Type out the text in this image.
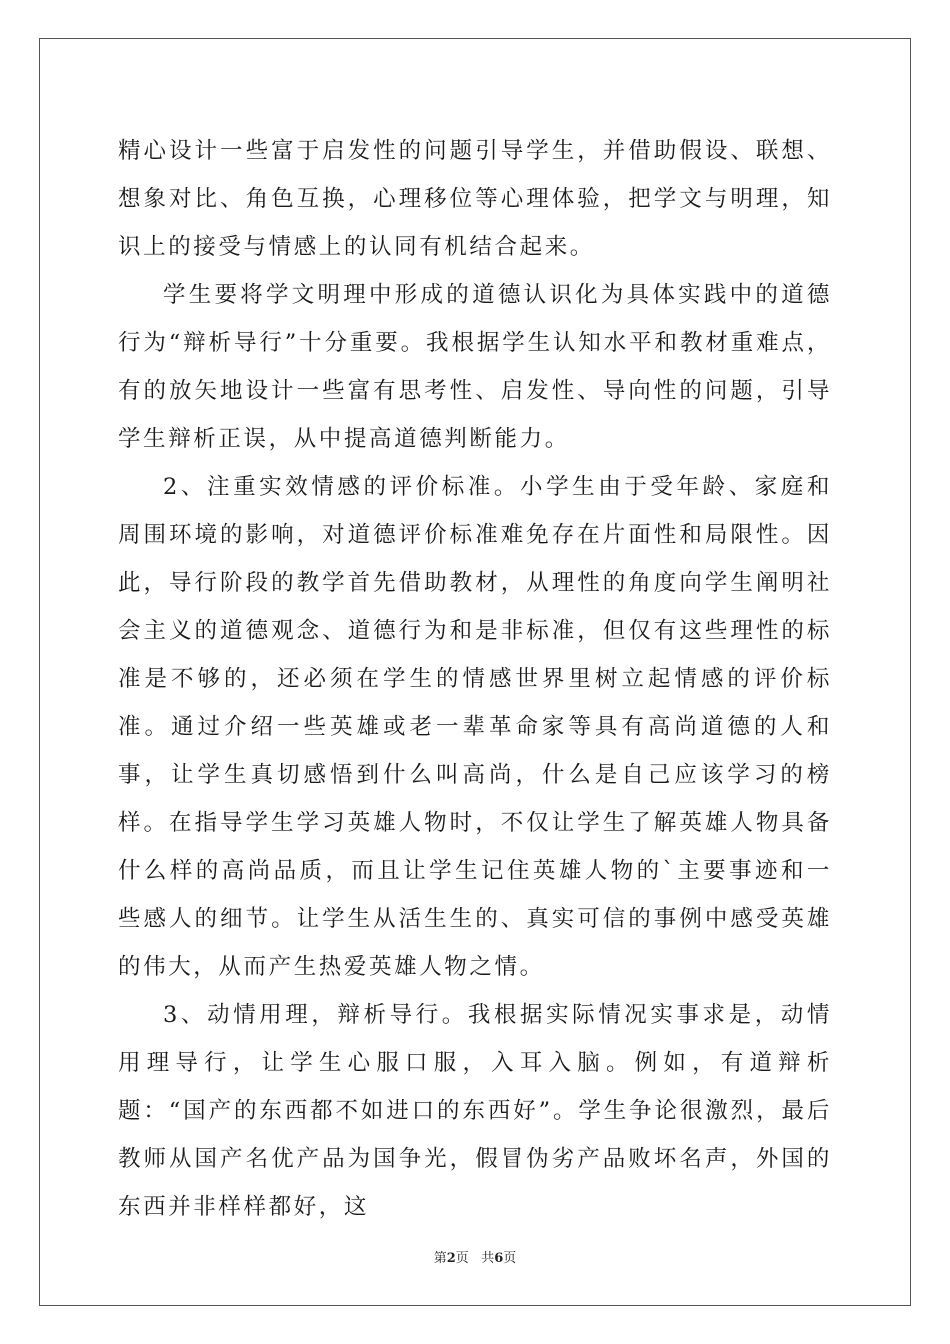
精心设计一些富于启发性的问题引导学生，并借助假设、联想、想象对比、角色互换，心理移位等心理体验，把学文与明理，知识上的接受与情感上的认同有机结合起来。

学生要将学文明理中形成的道德认识化为具体实践中的道德行为“辩析导行”十分重要。我根据学生认知水平和教材重难点，有的放矢地设计一些富有思考性、启发性、导向性的问题，引导学生辩析正误，从中提高道德判断能力。

2、注重实效情感的评价标准。小学生由于受年龄、家庭和周围环境的影响，对道德评价标准难免存在片面性和局限性。因此，导行阶段的教学首先借助教材，从理性的角度向学生阐明社会主义的道德观念、道德行为和是非标准，但仅有这些理性的标准是不够的，还必须在学生的情感世界里树立起情感的评价标准。通过介绍一些英雄或老一辈革命家等具有高尚道德的人和事，让学生真切感悟到什么叫高尚，什么是自己应该学习的榜样。在指导学生学习英雄人物时，不仅让学生了解英雄人物具备什么样的高尚品质，而且让学生记住英雄人物的`主要事迹和一些感人的细节。让学生从活生生的、真实可信的事例中感受英雄的伟大，从而产生热爱英雄人物之情。

3、动情用理，辩析导行。我根据实际情况实事求是，动情用理导行，让学生心服口服，入耳入脑。例如，有道辩析题：“国产的东西都不如进口的东西好”。学生争论很激烈，最后教师从国产名优产品为国争光，假冒伪劣产品败坏名声，外国的东西并非样样都好，这

第2页 共6页
